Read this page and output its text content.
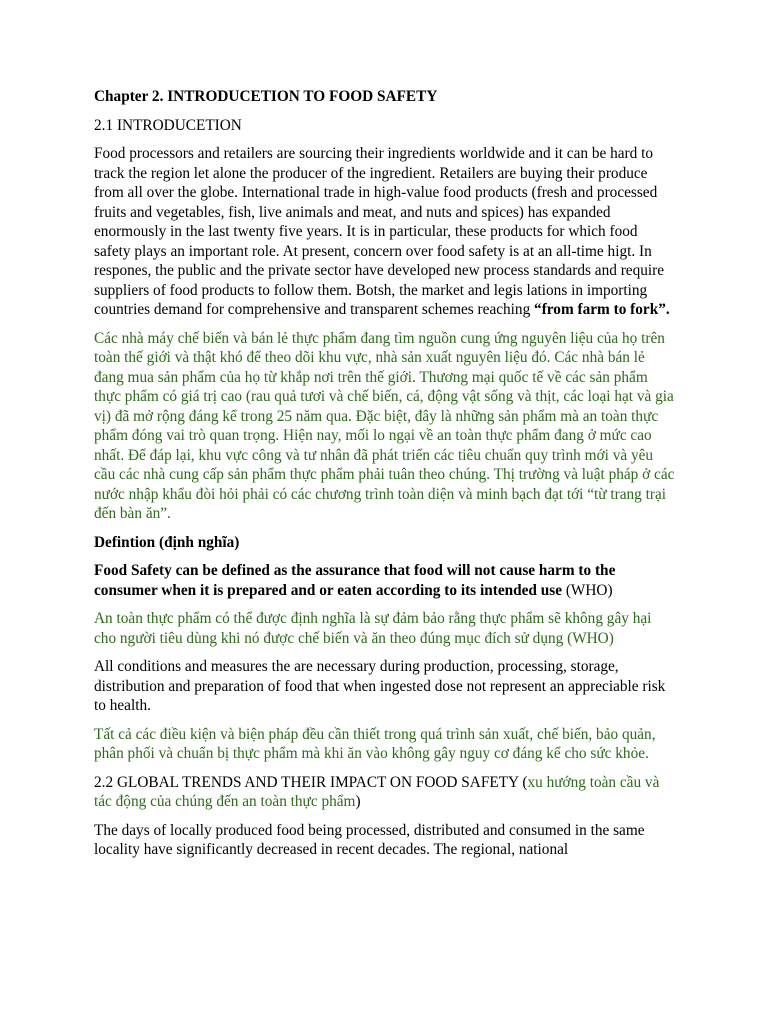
Chapter 2. INTRODUCETION TO FOOD SAFETY

2.1 INTRODUCETION

Food processors and retailers are sourcing their ingredients worldwide and it can be hard to track the region let alone the producer of the ingredient. Retailers are buying their produce from all over the globe. International trade in high-value food products (fresh and processed fruits and vegetables, fish, live animals and meat, and nuts and spices) has expanded enormously in the last twenty five years. It is in particular, these products for which food safety plays an important role. At present, concern over food safety is at an all-time higt. In respones, the public and the private sector have developed new process standards and require suppliers of food products to follow them. Botsh, the market and legis lations in importing countries demand for comprehensive and transparent schemes reaching “from farm to fork”.

Các nhà máy chế biến và bán lẻ thực phẩm đang tìm nguồn cung ứng nguyên liệu của họ trên toàn thế giới và thật khó để theo dõi khu vực, nhà sản xuất nguyên liệu đó. Các nhà bán lẻ đang mua sản phẩm của họ từ khắp nơi trên thế giới. Thương mại quốc tế về các sản phẩm thực phẩm có giá trị cao (rau quả tươi và chế biến, cá, động vật sống và thịt, các loại hạt và gia vị) đã mở rộng đáng kể trong 25 năm qua. Đặc biệt, đây là những sản phẩm mà an toàn thực phẩm đóng vai trò quan trọng. Hiện nay, mối lo ngại về an toàn thực phẩm đang ở mức cao nhất. Để đáp lại, khu vực công và tư nhân đã phát triển các tiêu chuẩn quy trình mới và yêu cầu các nhà cung cấp sản phẩm thực phẩm phải tuân theo chúng. Thị trường và luật pháp ở các nước nhập khẩu đòi hỏi phải có các chương trình toàn diện và minh bạch đạt tới “từ trang trại đến bàn ăn”.

Defintion (định nghĩa)

Food Safety can be defined as the assurance that food will not cause harm to the consumer when it is prepared and or eaten according to its intended use (WHO)

An toàn thực phẩm có thể được định nghĩa là sự đảm bảo rằng thực phẩm sẽ không gây hại cho người tiêu dùng khi nó được chế biến và ăn theo đúng mục đích sử dụng (WHO)

All conditions and measures the are necessary during production, processing, storage, distribution and preparation of food that when ingested dose not represent an appreciable risk to health.

Tất cả các điều kiện và biện pháp đều cần thiết trong quá trình sản xuất, chế biến, bảo quản, phân phối và chuẩn bị thực phẩm mà khi ăn vào không gây nguy cơ đáng kể cho sức khỏe.

2.2 GLOBAL TRENDS AND THEIR IMPACT ON FOOD SAFETY (xu hướng toàn cầu và tác động của chúng đến an toàn thực phẩm)

The days of locally produced food being processed, distributed and consumed in the same locality have significantly decreased in recent decades. The regional, national
